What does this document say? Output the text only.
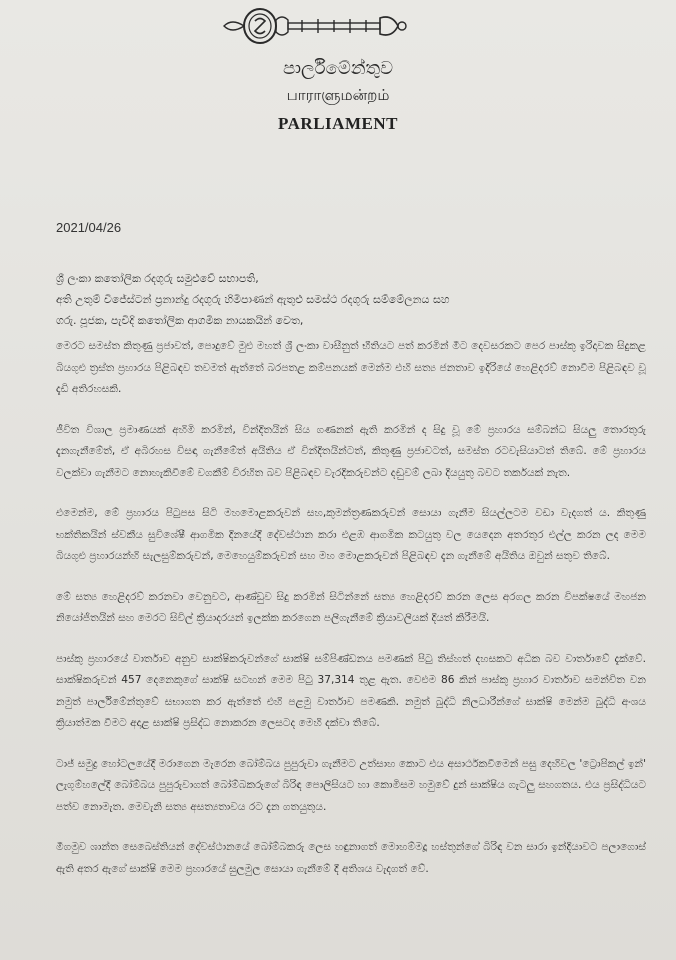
පාර්ලිමේන්තුව
பாராளுமன்றம்
PARLIAMENT
2021/04/26
ශ්‍රී ලංකා කතෝලික රදගුරු සමුළුවේ සභාපති,
අති උතුම් විජේස්ටන් ප්‍රනාන්දු රදගුරු හිමිපාණන් ඇතුළු සමස්ථ රදගුරු සම්මේලනය සහ
ගරු. පූජක, පැවිදි කතෝලික ආගමික නායකයින් වෙත,

මෙරට සමස්ත කිතුණු ප්‍රජාවත්, පොදුවේ මුළු මහත් ශ්‍රී ලංකා වාසීනුත් භීතියට පත් කරමින් මීට දෙවසරකට පෙර පාස්කු ඉරිදාවක සිදුකළ බියගුළු ත්‍රස්ත ප්‍රහාරය පිළිබඳව තවමත් ඇත්තේ බරපතළ කම්පනයක් මෙන්ම එහි සත්‍ය ජනතාව ඉදිරියේ හෙළිදරව් නොවීම පිළිබඳව වූ දැඩි අතිරහසකි.

ජීවිත විශාල ප්‍රමාණයක් අහිමි කරමින්, වින්දිතයින් සිය ගණනක් ඇති කරමින් ද සිදු වූ මේ ප්‍රහාරය සම්බන්ධ සියලු තොරතුරු දැනගැනීමේත්, ඒ අබිරහස විසඳා ගැනීමේත් අයිතිය ඒ වින්දිතයින්ටත්, කිතුණු ප්‍රජාවටත්, සමස්ත රටවැසියාටත් තිබේ. මේ ප්‍රහාරය වලක්වා ගැනීමට නොහැකිවීමේ වගකීම් විරහිත බව පිළිබඳව වැරදිකරුවන්ට දඬුවම් ලබා දියයුතු බවට තර්කයක් නැත.

එමෙන්ම, මේ ප්‍රහාරය පිටුපස සිටි මහමොළකරුවන් සහ,කුමන්ත්‍රණකරුවන් සොයා ගැනීම සියල්ලටම වඩා වැදගත් ය. කිතුණු භක්තිකයින් ස්වකීය සුවිශේෂී ආගමික දිනයේදී දේවස්ථාන කරා එළඹ ආගමික කටයුතු වල යෙදෙන අතරතුර එල්ල කරන ලද මෙම බියගුළු ප්‍රහාරයන්හි සැලසුම්කරුවන්, මෙහෙයුම්කරුවන් සහ මහ මොළකරුවන් පිළිබඳව දැන ගැනීමේ අයිතිය ඔවුන් සතුව තිබේ.

මේ සත්‍ය හෙළිදරව් කරනවා වෙනුවට, ආණ්ඩුව සිදු කරමින් සිටින්නේ සත්‍ය හෙළිදරව් කරන ලෙස අරගල කරන විපක්ෂයේ මහජන නියෝජිතයින් සහ මෙරට සිවිල් ක්‍රියාදරයන් ඉලක්ක කරගෙන පලිගැනීමේ ක්‍රියාවලියක් දියත් කිරීමයි.

පාස්කු ප්‍රහාරයේ වාර්තාව අනුව සාක්ෂිකරුවන්ගේ සාක්ෂි සම්පිණ්ඩනය පමණක් පිටු තිස්හත් දහසකට අධික බව වාර්තාවේ දැක්වේ. සාක්ෂිකරුවන් 457 දෙනෙකුගේ සාක්ෂි සටහන් මෙම පිටු 37,314 තුළ ඇත. වෙළුම 86 කින් පාස්කු ප්‍රහාර වාර්තාව සමන්විත වන නමුත් පාර්ලිමේන්තුවේ සභාගත කර ඇත්තේ එහි පළමු වාර්තාව පමණකි. නමුත් බුද්ධි නිලධාරීන්ගේ සාක්ෂි මෙන්ම බුද්ධි අංශය ක්‍රියාත්මක වීමට අදාළ සාක්ෂි ප්‍රසිද්ධ නොකරන ලෙසටද මෙහි දක්වා තිබේ.

ටාජ් සමුද්‍ර හෝටලයේදී මරාගෙන මැරෙන බෝම්බය පුපුරුවා ගැනීමට උත්සාහ කොට එය අසාර්ථකවීමෙන් පසු දෙහිවල 'ට්‍රොපිකල් ඉන්' ලැගුම්හලේදී බෝම්බය පුපුරුවාගත් බෝම්බකරුගේ බිරිඳ පොලිසියට හා කොමිසම හමුවේ දුන් සාක්ෂිය ගැටලු සහගතය. එය ප්‍රසිද්ධියට පත්ව නොමැත. මෙවැනි සත්‍ය අසත්‍යතාවය රට දැන ගතයුතුය.

මීගමුව ශාන්ත සෙබෙස්තියන් දේවස්ථානයේ බෝම්බකරු ලෙස හඳුනාගත් මොහම්මදූ හස්තුන්ගේ බිරිඳ වන සාරා ඉන්දියාවට පලාගොස් ඇති අතර ඇගේ සාක්ෂි මෙම ප්‍රහාරයේ සුලමුල සොයා ගැනීමේ දී අතිශය වැදගත් වේ.
